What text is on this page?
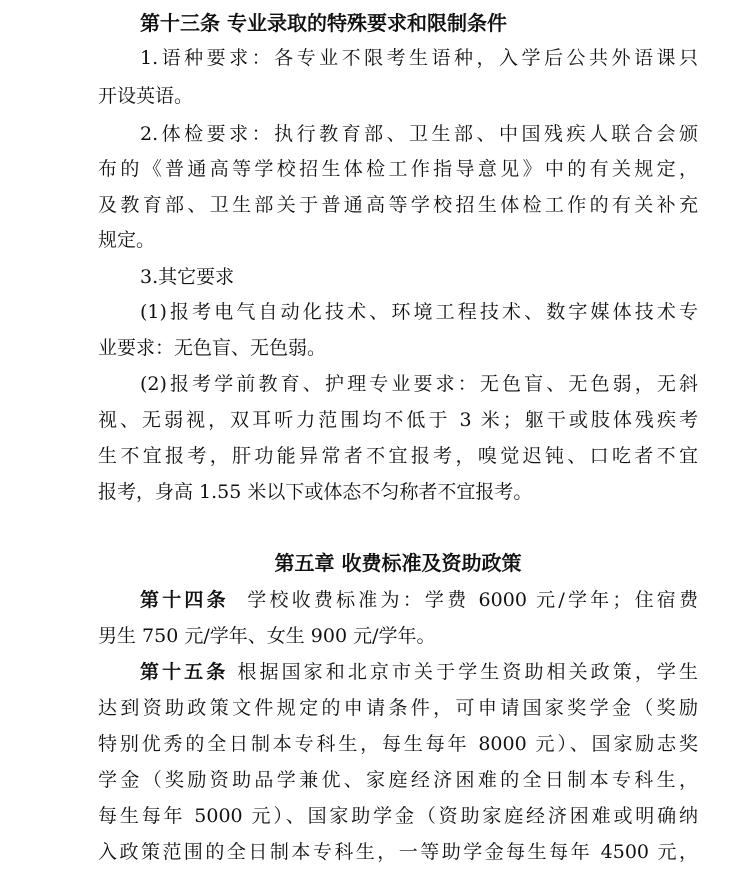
第十三条 专业录取的特殊要求和限制条件
1.语种要求：各专业不限考生语种，入学后公共外语课只
开设英语。
2.体检要求：执行教育部、卫生部、中国残疾人联合会颁
布的《普通高等学校招生体检工作指导意见》中的有关规定，
及教育部、卫生部关于普通高等学校招生体检工作的有关补充
规定。
3.其它要求
(1)报考电气自动化技术、环境工程技术、数字媒体技术专
业要求：无色盲、无色弱。
(2)报考学前教育、护理专业要求：无色盲、无色弱，无斜
视、无弱视，双耳听力范围均不低于 3 米；躯干或肢体残疾考
生不宜报考，肝功能异常者不宜报考，嗅觉迟钝、口吃者不宜
报考，身高 1.55 米以下或体态不匀称者不宜报考。
第五章 收费标准及资助政策
第十四条 学校收费标准为：学费 6000 元/学年；住宿费
男生 750 元/学年、女生 900 元/学年。
第十五条 根据国家和北京市关于学生资助相关政策，学生
达到资助政策文件规定的申请条件，可申请国家奖学金（奖励
特别优秀的全日制本专科生，每生每年 8000 元）、国家励志奖
学金（奖励资助品学兼优、家庭经济困难的全日制本专科生，
每生每年 5000 元）、国家助学金（资助家庭经济困难或明确纳
入政策范围的全日制本专科生，一等助学金每生每年 4500 元，
